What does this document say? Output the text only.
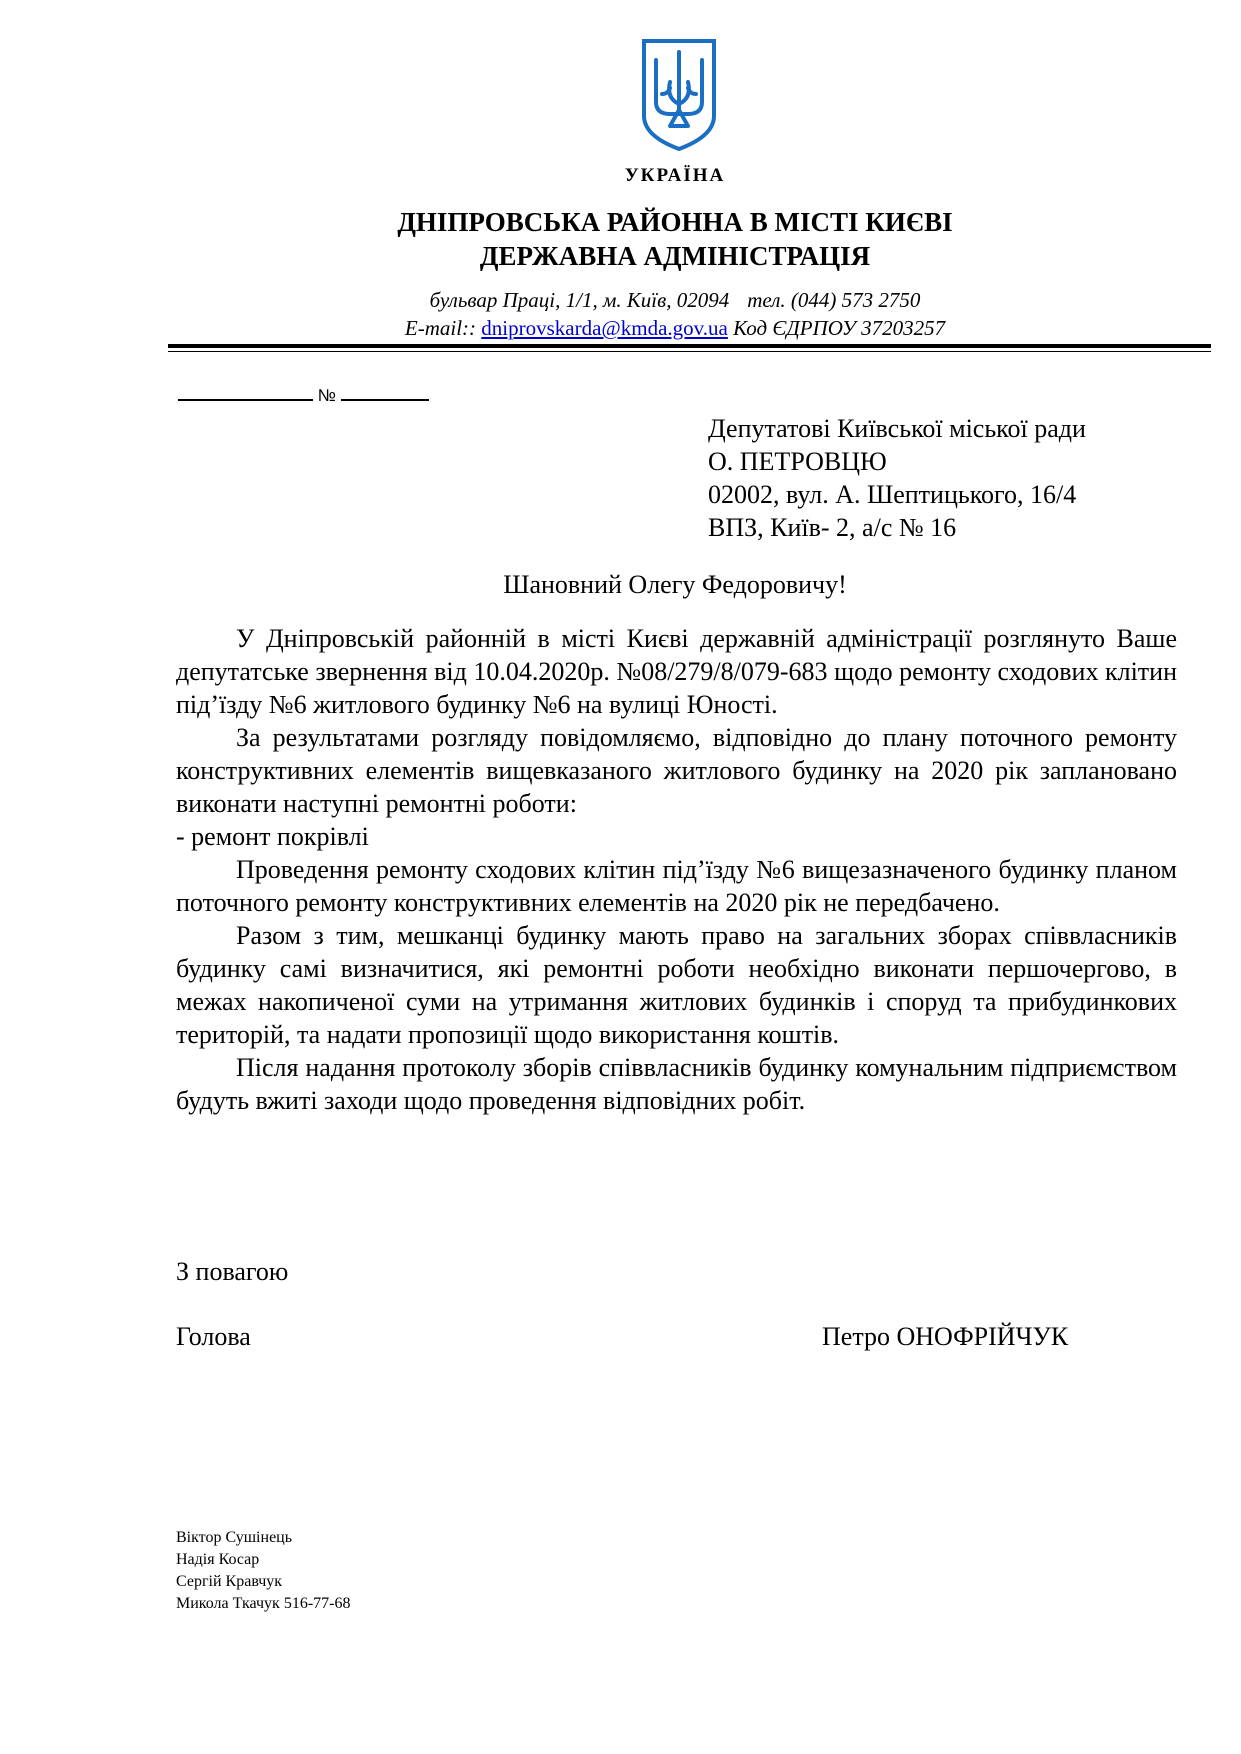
УКРАЇНА
ДНІПРОВСЬКА РАЙОННА В МІСТІ КИЄВІ
ДЕРЖАВНА АДМІНІСТРАЦІЯ
бульвар Праці, 1/1, м. Київ, 02094 тел. (044) 573 2750
E-mail:: dniprovskarda@kmda.gov.ua Код ЄДРПОУ 37203257
№
Депутатові Київської міської ради
О. ПЕТРОВЦЮ
02002, вул. А. Шептицького, 16/4
ВПЗ, Київ- 2, а/с № 16
Шановний Олегу Федоровичу!

У Дніпровській районній в місті Києві державній адміністрації розглянуто Ваше депутатське звернення від 10.04.2020р. №08/279/8/079-683 щодо ремонту сходових клітин під’їзду №6 житлового будинку №6 на вулиці Юності.

За результатами розгляду повідомляємо, відповідно до плану поточного ремонту конструктивних елементів вищевказаного житлового будинку на 2020 рік заплановано виконати наступні ремонтні роботи:

- ремонт покрівлі

Проведення ремонту сходових клітин під’їзду №6 вищезазначеного будинку планом поточного ремонту конструктивних елементів на 2020 рік не передбачено.

Разом з тим, мешканці будинку мають право на загальних зборах співвласників будинку самі визначитися, які ремонтні роботи необхідно виконати першочергово, в межах накопиченої суми на утримання житлових будинків і споруд та прибудинкових територій, та надати пропозиції щодо використання коштів.

Після надання протоколу зборів співвласників будинку комунальним підприємством будуть вжиті заходи щодо проведення відповідних робіт.

З повагою
Голова	Петро ОНОФРІЙЧУК
Віктор Сушінець
Надія Косар
Сергій Кравчук
Микола Ткачук 516-77-68
